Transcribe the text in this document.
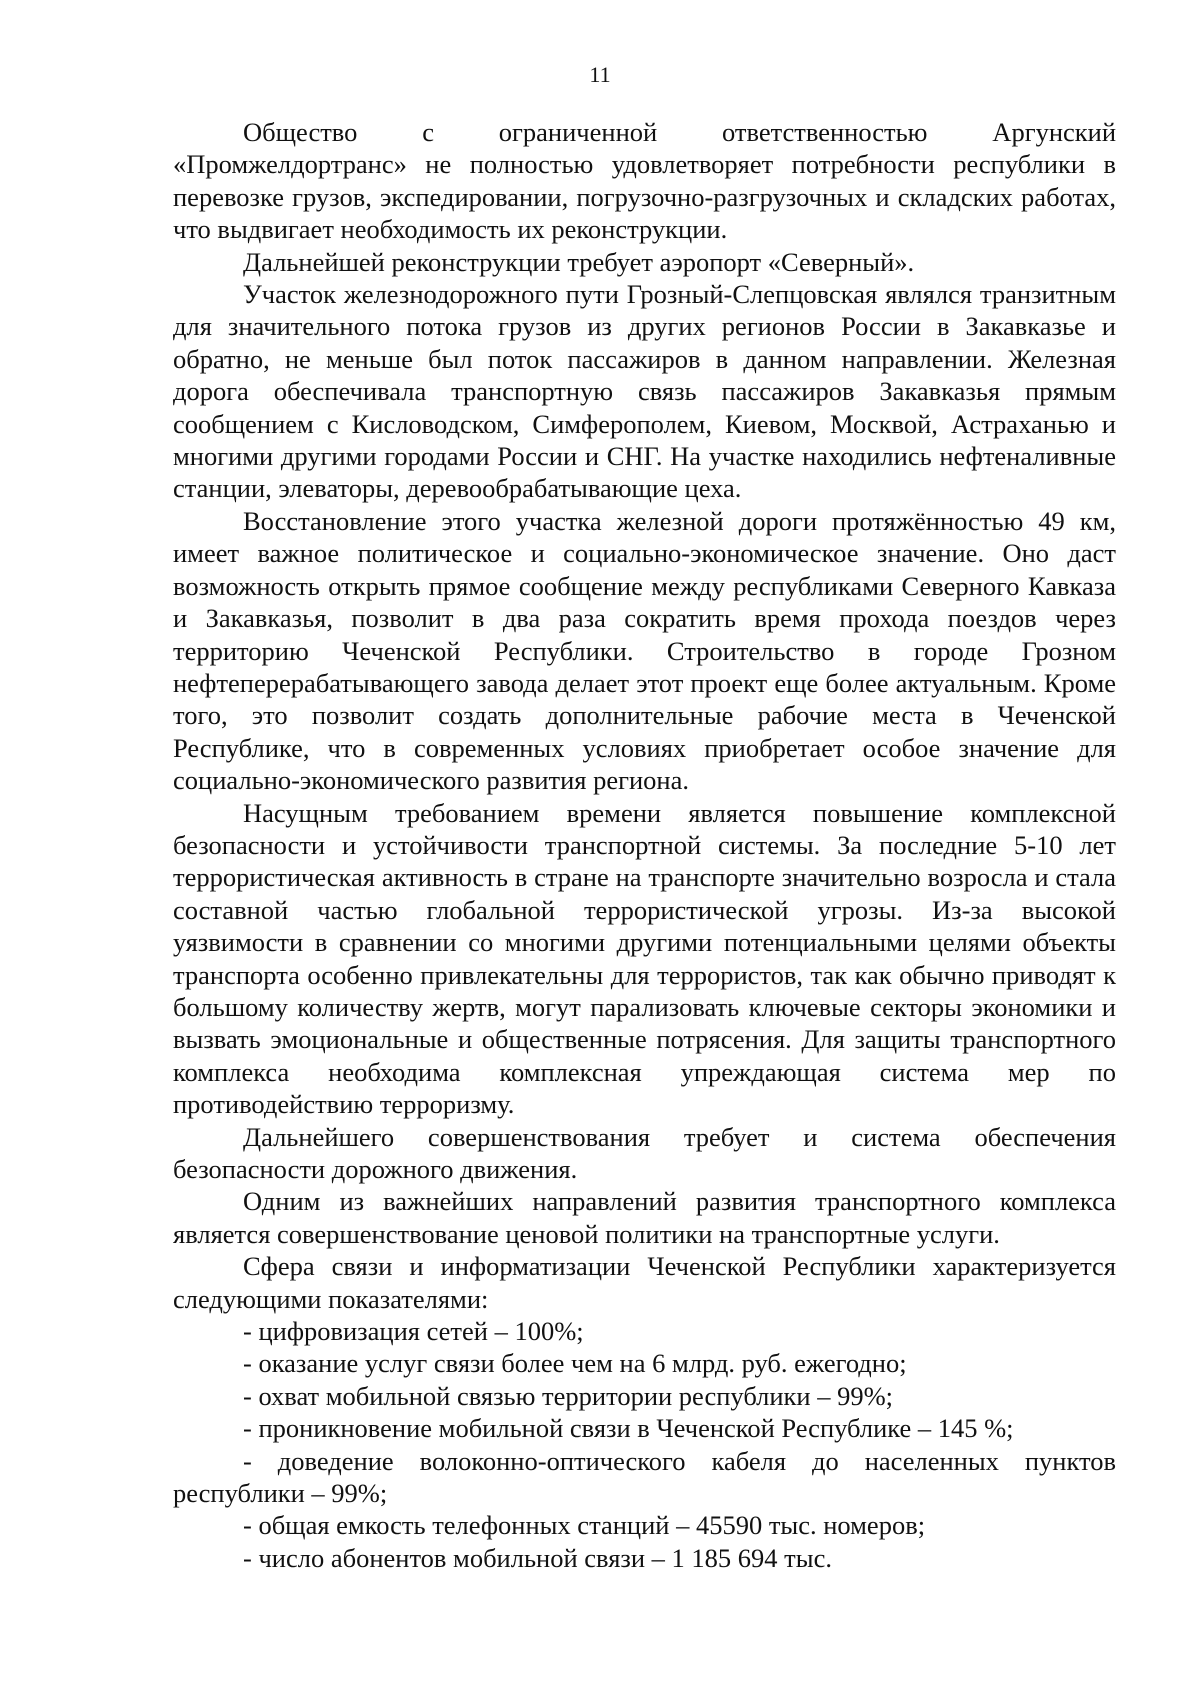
11

Общество с ограниченной ответственностью Аргунский «Промжелдортранс» не полностью удовлетворяет потребности республики в перевозке грузов, экспедировании, погрузочно-разгрузочных и складских работах, что выдвигает необходимость их реконструкции.

Дальнейшей реконструкции требует аэропорт «Северный».

Участок железнодорожного пути Грозный-Слепцовская являлся транзитным для значительного потока грузов из других регионов России в Закавказье и обратно, не меньше был поток пассажиров в данном направлении. Железная дорога обеспечивала транспортную связь пассажиров Закавказья прямым сообщением с Кисловодском, Симферополем, Киевом, Москвой, Астраханью и многими другими городами России и СНГ. На участке находились нефтеналивные станции, элеваторы, деревообрабатывающие цеха.

Восстановление этого участка железной дороги протяжённостью 49 км, имеет важное политическое и социально-экономическое значение. Оно даст возможность открыть прямое сообщение между республиками Северного Кавказа и Закавказья, позволит в два раза сократить время прохода поездов через территорию Чеченской Республики. Строительство в городе Грозном нефтеперерабатывающего завода делает этот проект еще более актуальным. Кроме того, это позволит создать дополнительные рабочие места в Чеченской Республике, что в современных условиях приобретает особое значение для социально-экономического развития региона.

Насущным требованием времени является повышение комплексной безопасности и устойчивости транспортной системы. За последние 5-10 лет террористическая активность в стране на транспорте значительно возросла и стала составной частью глобальной террористической угрозы. Из-за высокой уязвимости в сравнении со многими другими потенциальными целями объекты транспорта особенно привлекательны для террористов, так как обычно приводят к большому количеству жертв, могут парализовать ключевые секторы экономики и вызвать эмоциональные и общественные потрясения. Для защиты транспортного комплекса необходима комплексная упреждающая система мер по противодействию терроризму.

Дальнейшего совершенствования требует и система обеспечения безопасности дорожного движения.

Одним из важнейших направлений развития транспортного комплекса является совершенствование ценовой политики на транспортные услуги.

Сфера связи и информатизации Чеченской Республики характеризуется следующими показателями:

- цифровизация сетей – 100%;

- оказание услуг связи более чем на 6 млрд. руб. ежегодно;

- охват мобильной связью территории республики – 99%;

- проникновение мобильной связи в Чеченской Республике – 145 %;

- доведение волоконно-оптического кабеля до населенных пунктов республики – 99%;

- общая емкость телефонных станций – 45590 тыс. номеров;

- число абонентов мобильной связи – 1 185 694 тыс.
